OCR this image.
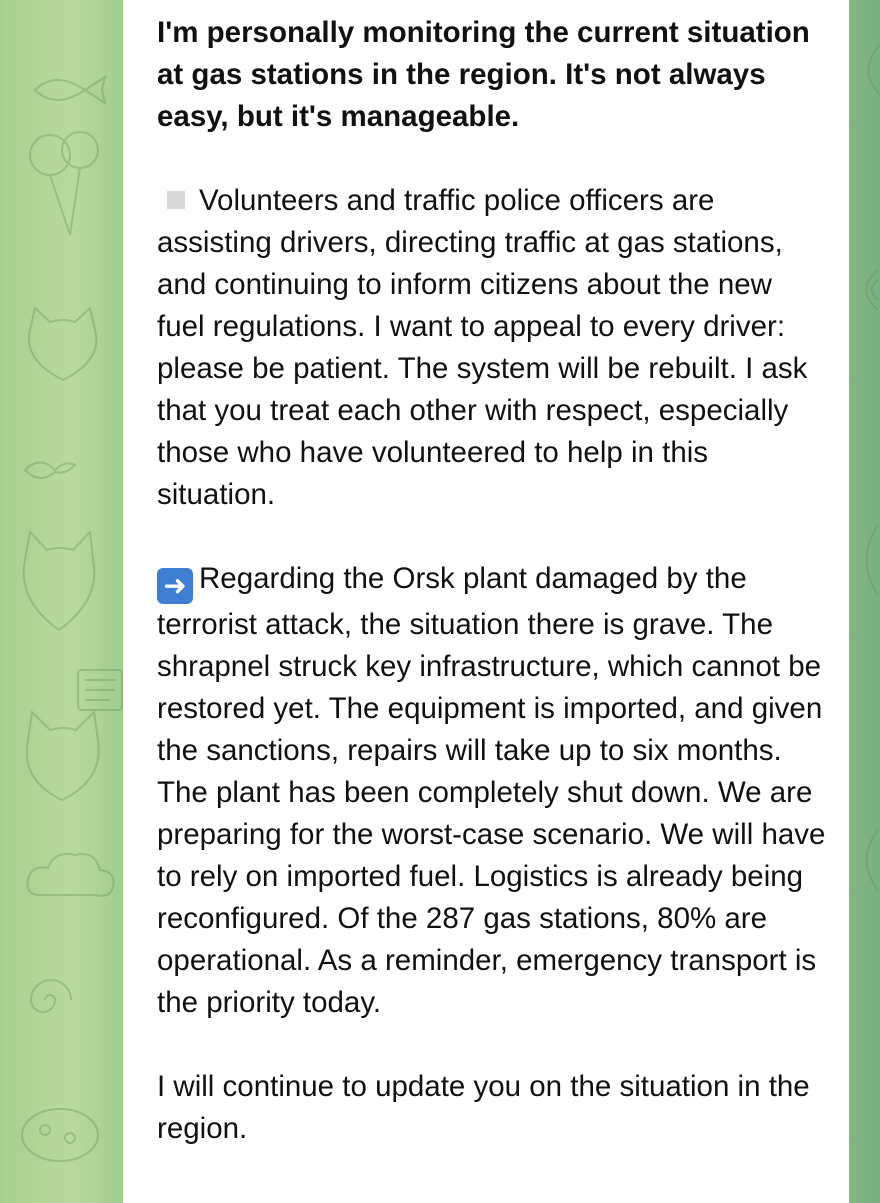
I'm personally monitoring the current situation at gas stations in the region. It's not always easy, but it's manageable.

Volunteers and traffic police officers are assisting drivers, directing traffic at gas stations, and continuing to inform citizens about the new fuel regulations. I want to appeal to every driver: please be patient. The system will be rebuilt. I ask that you treat each other with respect, especially those who have volunteered to help in this situation.

➜ Regarding the Orsk plant damaged by the terrorist attack, the situation there is grave. The shrapnel struck key infrastructure, which cannot be restored yet. The equipment is imported, and given the sanctions, repairs will take up to six months. The plant has been completely shut down. We are preparing for the worst-case scenario. We will have to rely on imported fuel. Logistics is already being reconfigured. Of the 287 gas stations, 80% are operational. As a reminder, emergency transport is the priority today.

I will continue to update you on the situation in the region.
